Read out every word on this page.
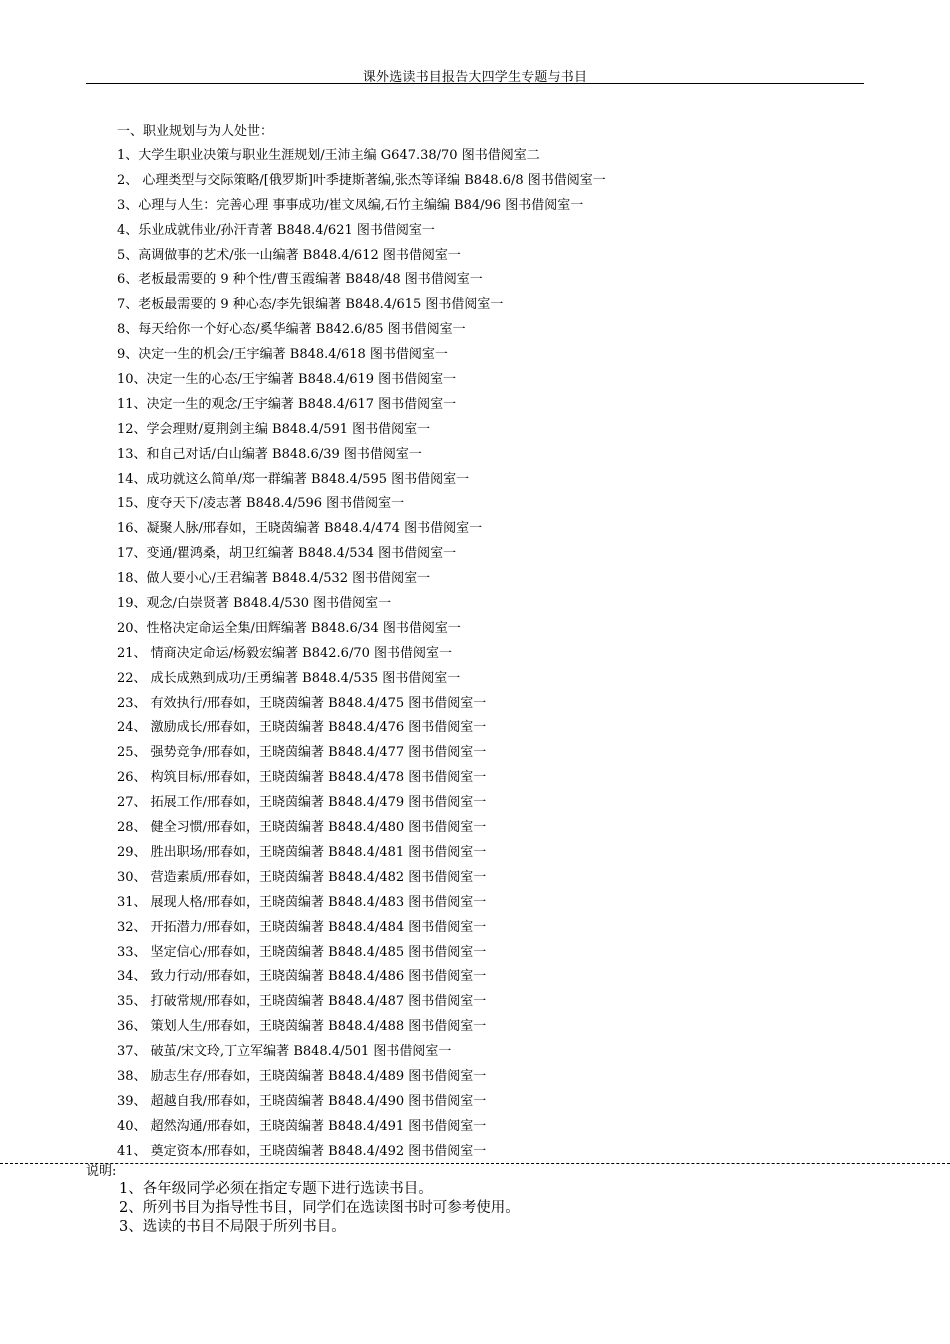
课外选读书目报告大四学生专题与书目
一、职业规划与为人处世：
1、大学生职业决策与职业生涯规划/王沛主编 G647.38/70 图书借阅室二
2、 心理类型与交际策略/[俄罗斯]叶季捷斯著编,张杰等译编 B848.6/8 图书借阅室一
3、心理与人生：完善心理 事事成功/崔文凤编,石竹主编编 B84/96 图书借阅室一
4、乐业成就伟业/孙汗青著 B848.4/621 图书借阅室一
5、高调做事的艺术/张一山编著 B848.4/612 图书借阅室一
6、老板最需要的 9 种个性/曹玉霞编著 B848/48 图书借阅室一
7、老板最需要的 9 种心态/李先银编著 B848.4/615 图书借阅室一
8、每天给你一个好心态/奚华编著 B842.6/85 图书借阅室一
9、决定一生的机会/王宇编著 B848.4/618 图书借阅室一
10、决定一生的心态/王宇编著 B848.4/619 图书借阅室一
11、决定一生的观念/王宇编著 B848.4/617 图书借阅室一
12、学会理财/夏荆剑主编 B848.4/591 图书借阅室一
13、和自己对话/白山编著 B848.6/39 图书借阅室一
14、成功就这么简单/郑一群编著 B848.4/595 图书借阅室一
15、度夺天下/凌志著 B848.4/596 图书借阅室一
16、凝聚人脉/邢春如，王晓茵编著 B848.4/474 图书借阅室一
17、变通/瞿鸿桑，胡卫红编著 B848.4/534 图书借阅室一
18、做人要小心/王君编著 B848.4/532 图书借阅室一
19、观念/白崇贤著 B848.4/530 图书借阅室一
20、性格决定命运全集/田辉编著 B848.6/34 图书借阅室一
21、 情商决定命运/杨毅宏编著 B842.6/70 图书借阅室一
22、 成长成熟到成功/王勇编著 B848.4/535 图书借阅室一
23、 有效执行/邢春如，王晓茵编著 B848.4/475 图书借阅室一
24、 激励成长/邢春如，王晓茵编著 B848.4/476 图书借阅室一
25、 强势竞争/邢春如，王晓茵编著 B848.4/477 图书借阅室一
26、 构筑目标/邢春如，王晓茵编著 B848.4/478 图书借阅室一
27、 拓展工作/邢春如，王晓茵编著 B848.4/479 图书借阅室一
28、 健全习惯/邢春如，王晓茵编著 B848.4/480 图书借阅室一
29、 胜出职场/邢春如，王晓茵编著 B848.4/481 图书借阅室一
30、 营造素质/邢春如，王晓茵编著 B848.4/482 图书借阅室一
31、 展现人格/邢春如，王晓茵编著 B848.4/483 图书借阅室一
32、 开拓潜力/邢春如，王晓茵编著 B848.4/484 图书借阅室一
33、 坚定信心/邢春如，王晓茵编著 B848.4/485 图书借阅室一
34、 致力行动/邢春如，王晓茵编著 B848.4/486 图书借阅室一
35、 打破常规/邢春如，王晓茵编著 B848.4/487 图书借阅室一
36、 策划人生/邢春如，王晓茵编著 B848.4/488 图书借阅室一
37、 破茧/宋文玲,丁立军编著 B848.4/501 图书借阅室一
38、 励志生存/邢春如，王晓茵编著 B848.4/489 图书借阅室一
39、 超越自我/邢春如，王晓茵编著 B848.4/490 图书借阅室一
40、 超然沟通/邢春如，王晓茵编著 B848.4/491 图书借阅室一
41、 奠定资本/邢春如，王晓茵编著 B848.4/492 图书借阅室一
说明:
1、各年级同学必须在指定专题下进行选读书目。
2、所列书目为指导性书目，同学们在选读图书时可参考使用。
3、选读的书目不局限于所列书目。
